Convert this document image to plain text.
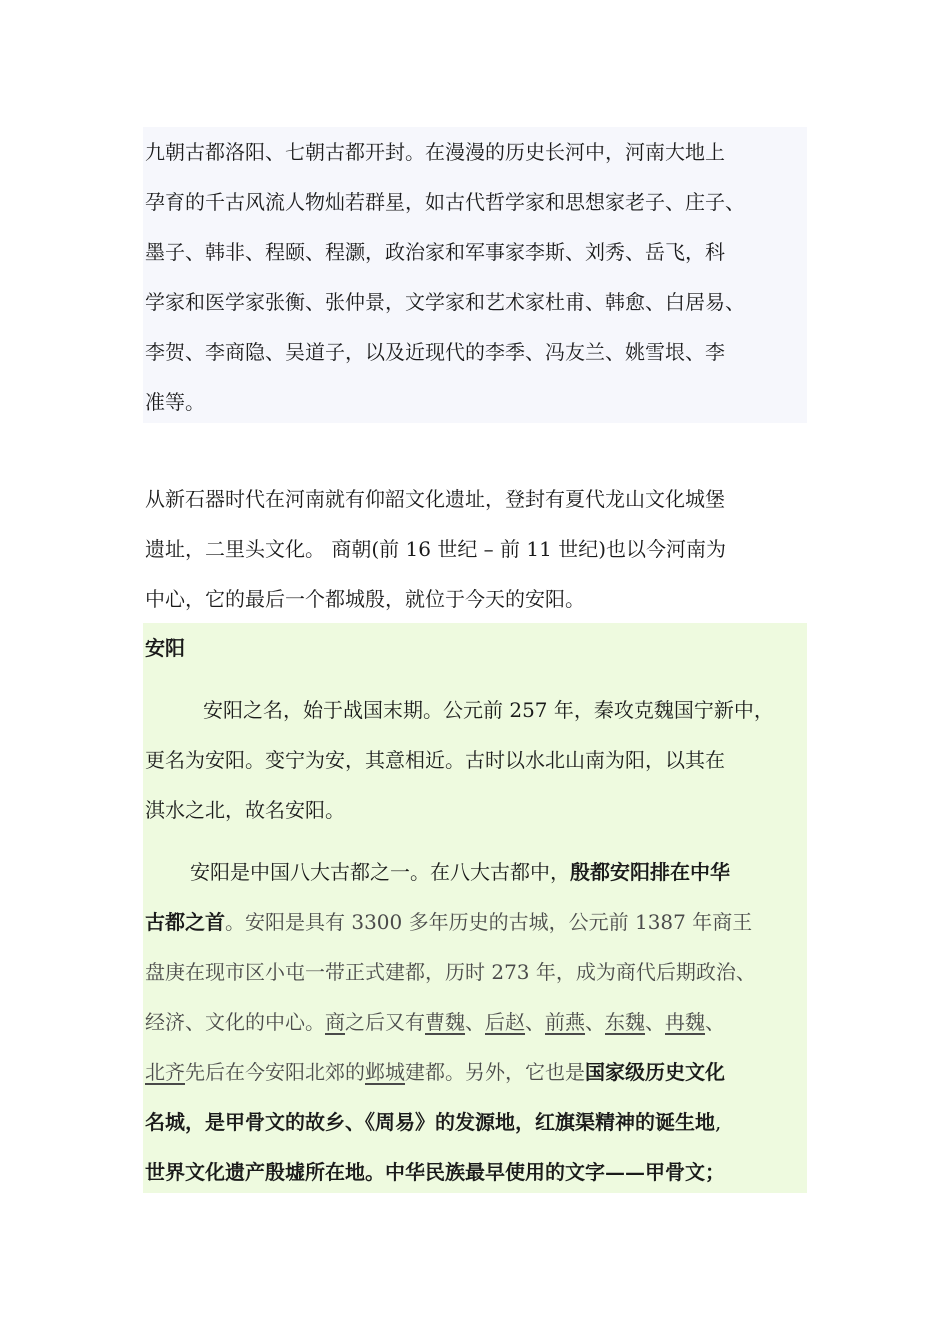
九朝古都洛阳、七朝古都开封。在漫漫的历史长河中，河南大地上
孕育的千古风流人物灿若群星，如古代哲学家和思想家老子、庄子、
墨子、韩非、程颐、程灏，政治家和军事家李斯、刘秀、岳飞，科
学家和医学家张衡、张仲景，文学家和艺术家杜甫、韩愈、白居易、
李贺、李商隐、吴道子，以及近现代的李季、冯友兰、姚雪垠、李
准等。
从新石器时代在河南就有仰韶文化遗址，登封有夏代龙山文化城堡
遗址，二里头文化。 商朝(前 16 世纪 – 前 11 世纪)也以今河南为
中心，它的最后一个都城殷，就位于今天的安阳。
安阳
安阳之名，始于战国末期。公元前 257 年，秦攻克魏国宁新中，
更名为安阳。变宁为安，其意相近。古时以水北山南为阳，以其在
淇水之北，故名安阳。
安阳是中国八大古都之一。在八大古都中，殷都安阳排在中华
古都之首。安阳是具有 3300 多年历史的古城，公元前 1387 年商王
盘庚在现市区小屯一带正式建都，历时 273 年，成为商代后期政治、
经济、文化的中心。商之后又有曹魏、后赵、前燕、东魏、冉魏、
北齐先后在今安阳北郊的邺城建都。另外，它也是国家级历史文化
名城，是甲骨文的故乡、《周易》的发源地，红旗渠精神的诞生地,
世界文化遗产殷墟所在地。中华民族最早使用的文字——甲骨文；
